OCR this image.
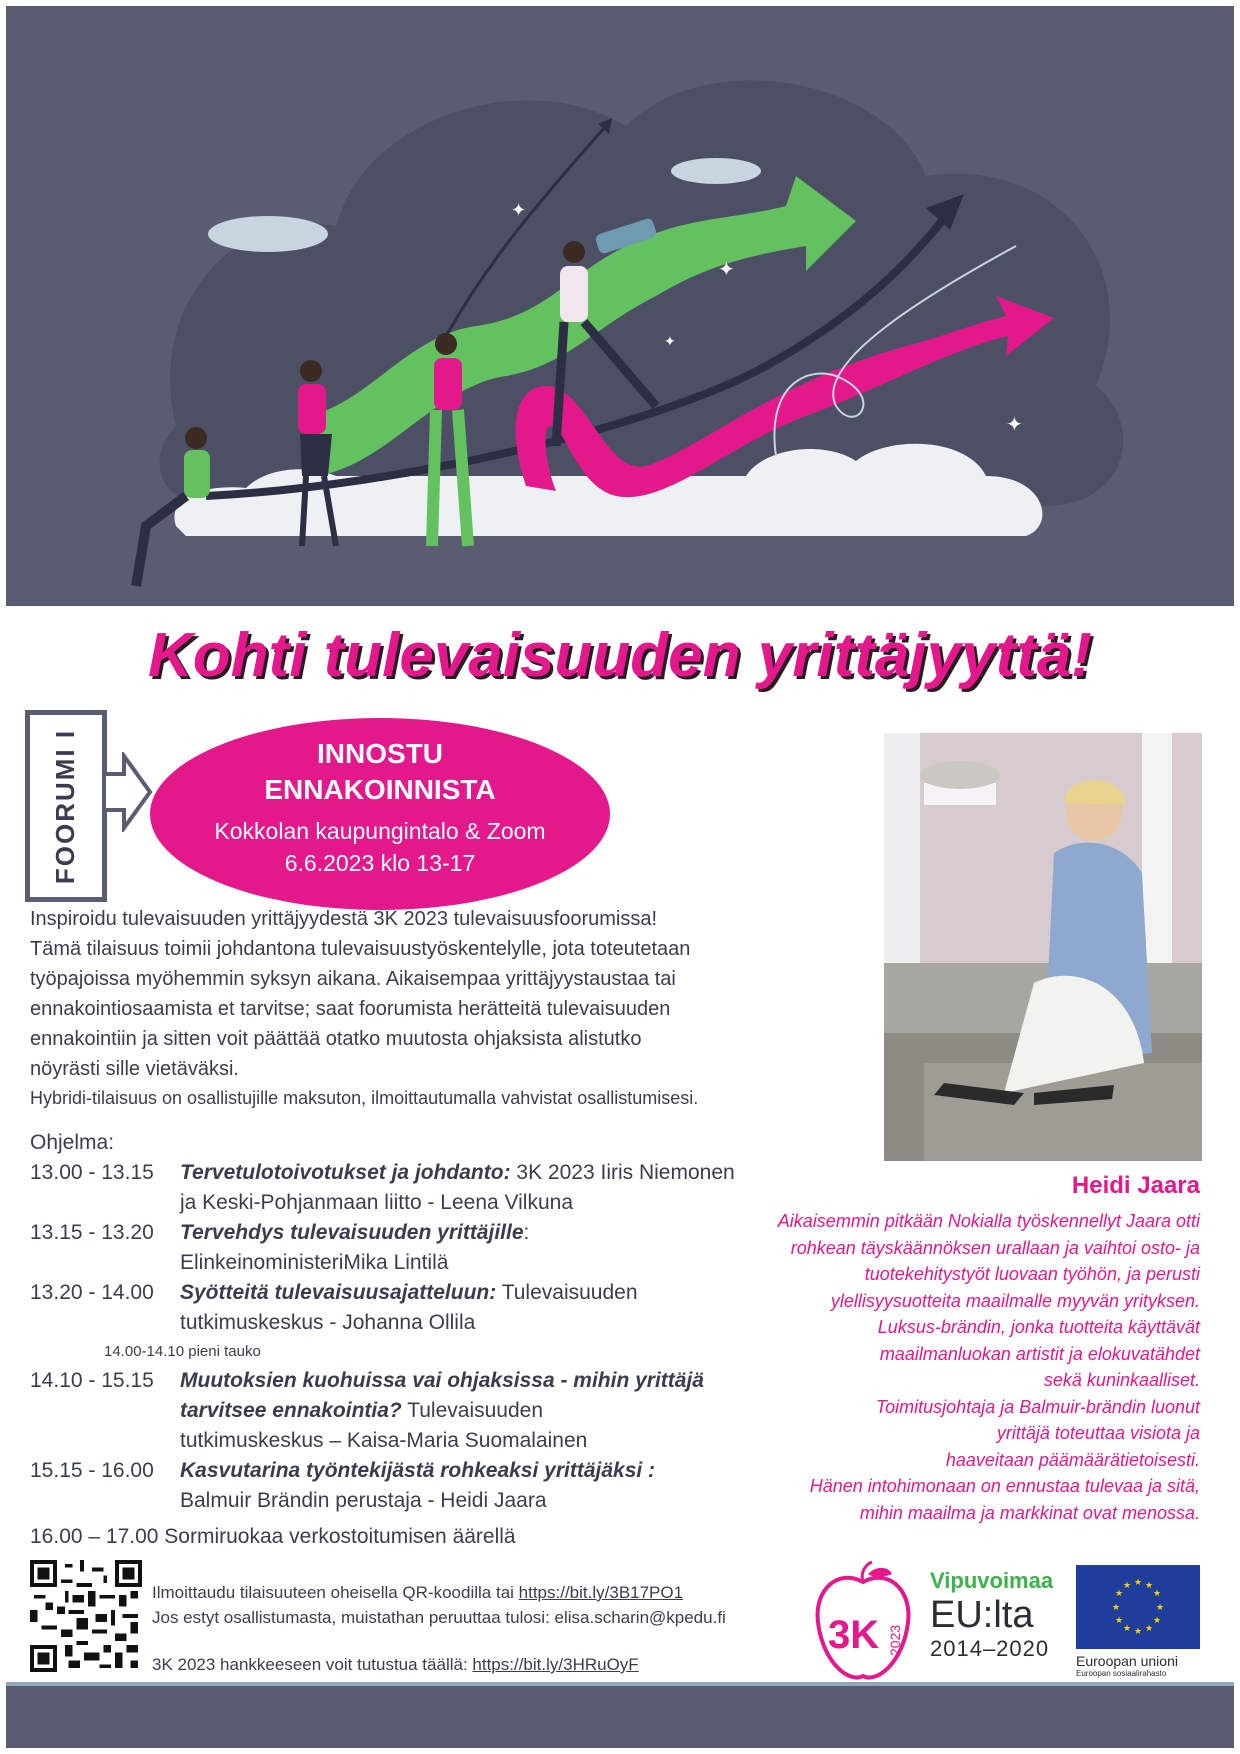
✦
✦
✦
✦
Kohti tulevaisuuden yrittäjyyttä!
FOORUMI I	INNOSTU
ENNAKOINNISTA
Kokkolan kaupungintalo & Zoom
6.6.2023 klo 13-17

Inspiroidu tulevaisuuden yrittäjyydestä 3K 2023 tulevaisuusfoorumissa!

Tämä tilaisuus toimii johdantona tulevaisuustyöskentelylle, jota toteutetaan

työpajoissa myöhemmin syksyn aikana. Aikaisempaa yrittäjyystaustaa tai

ennakointiosaamista et tarvitse; saat foorumista herätteitä tulevaisuuden

ennakointiin ja sitten voit päättää otatko muutosta ohjaksista alistutko

nöyrästi sille vietäväksi.

Hybridi-tilaisuus on osallistujille maksuton, ilmoittautumalla vahvistat osallistumisesi.

Ohjelma:
13.00 - 13.15	Tervetulotoivotukset ja johdanto: 3K 2023 Iiris Niemonen
ja Keski-Pohjanmaan liitto - Leena Vilkuna
13.15 - 13.20	Tervehdys tulevaisuuden yrittäjille:
ElinkeinoministeriMika Lintilä
13.20 - 14.00	Syötteitä tulevaisuusajatteluun: Tulevaisuuden
tutkimuskeskus - Johanna Ollila
14.00-14.10 pieni tauko
14.10 - 15.15	Muutoksien kuohuissa vai ohjaksissa - mihin yrittäjä
tarvitsee ennakointia? Tulevaisuuden
tutkimuskeskus – Kaisa-Maria Suomalainen
15.15 - 16.00	Kasvutarina työntekijästä rohkeaksi yrittäjäksi :
Balmuir Brändin perustaja - Heidi Jaara
16.00 – 17.00 Sormiruokaa verkostoitumisen äärellä
Heidi Jaara

Aikaisemmin pitkään Nokialla työskennellyt Jaara otti

rohkean täyskäännöksen urallaan ja vaihtoi osto- ja

tuotekehitystyöt luovaan työhön, ja perusti

ylellisyysuotteita maailmalle myyvän yrityksen.

Luksus-brändin, jonka tuotteita käyttävät

maailmanluokan artistit ja elokuvatähdet

sekä kuninkaalliset.

Toimitusjohtaja ja Balmuir-brändin luonut

yrittäjä toteuttaa visiota ja

haaveitaan päämäärätietoisesti.

Hänen intohimonaan on ennustaa tulevaa ja sitä,

mihin maailma ja markkinat ovat menossa.

Ilmoittaudu tilaisuuteen oheisella QR-koodilla tai https://bit.ly/3B17PO1
Jos estyt osallistumasta, muistathan peruuttaa tulosi: elisa.scharin@kpedu.fi
3K 2023 hankkeeseen voit tutustua täällä: https://bit.ly/3HRuOyF
3K 2023
Vipuvoimaa
EU:lta
2014–2020
★ ★
★
★
★
★
★
★
★
★
★
★
Euroopan unioni
Euroopan sosiaalirahasto
